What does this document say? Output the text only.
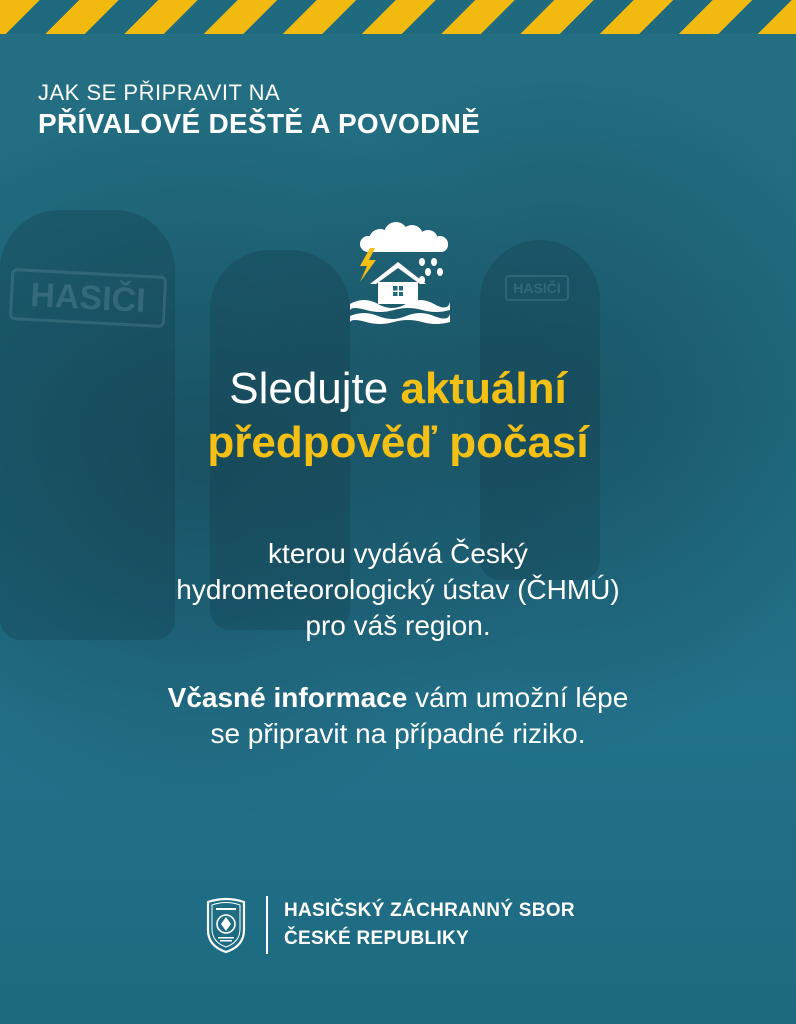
HASIČI	HASIČI
JAK SE PŘIPRAVIT NA
PŘÍVALOVÉ DEŠTĚ A POVODNĚ
Sledujte aktuální
předpověď počasí
kterou vydává Český
hydrometeorologický ústav (ČHMÚ)
pro váš region.
Včasné informace vám umožní lépe
se připravit na případné riziko.
HASIČSKÝ ZÁCHRANNÝ SBOR
ČESKÉ REPUBLIKY
